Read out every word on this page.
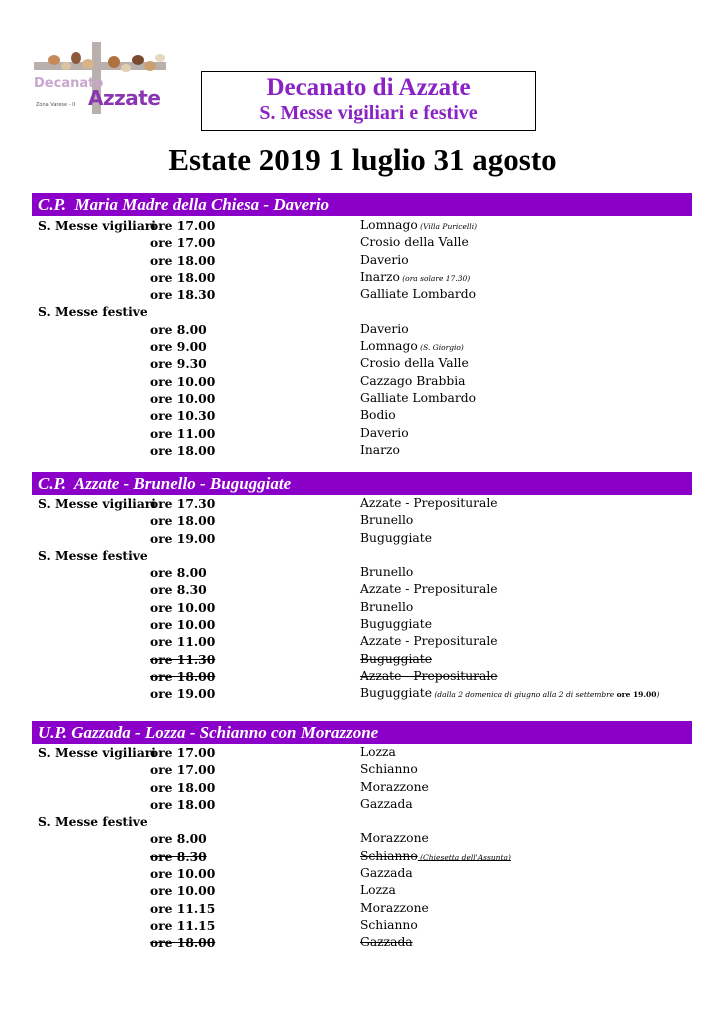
Decanato
Azzate
Zona Varese - II
Decanato di Azzate
S. Messe vigiliari e festive
Estate 2019 1 luglio 31 agosto
C.P.  Maria Madre della Chiesa - Daverio
S. Messe vigiliari
ore 17.00	Lomnago (Villa Puricelli)
ore 17.00	Crosio della Valle
ore 18.00	Daverio
ore 18.00	Inarzo (ora solare 17.30)
ore 18.30	Galliate Lombardo
S. Messe festive
ore 8.00	Daverio
ore 9.00	Lomnago (S. Giorgio)
ore 9.30	Crosio della Valle
ore 10.00	Cazzago Brabbia
ore 10.00	Galliate Lombardo
ore 10.30	Bodio
ore 11.00	Daverio
ore 18.00	Inarzo
C.P.  Azzate - Brunello - Buguggiate
S. Messe vigiliari
ore 17.30	Azzate - Prepositurale
ore 18.00	Brunello
ore 19.00	Buguggiate
S. Messe festive
ore 8.00	Brunello
ore 8.30	Azzate - Prepositurale
ore 10.00	Brunello
ore 10.00	Buguggiate
ore 11.00	Azzate - Prepositurale
ore 11.30	Buguggiate
ore 18.00	Azzate - Prepositurale
ore 19.00	Buguggiate (dalla 2 domenica di giugno alla 2 di settembre ore 19.00)
U.P. Gazzada - Lozza - Schianno con Morazzone
S. Messe vigiliari
ore 17.00	Lozza
ore 17.00	Schianno
ore 18.00	Morazzone
ore 18.00	Gazzada
S. Messe festive
ore 8.00	Morazzone
ore 8.30	Schianno (Chiesetta dell'Assunta)
ore 10.00	Gazzada
ore 10.00	Lozza
ore 11.15	Morazzone
ore 11.15	Schianno
ore 18.00	Gazzada
